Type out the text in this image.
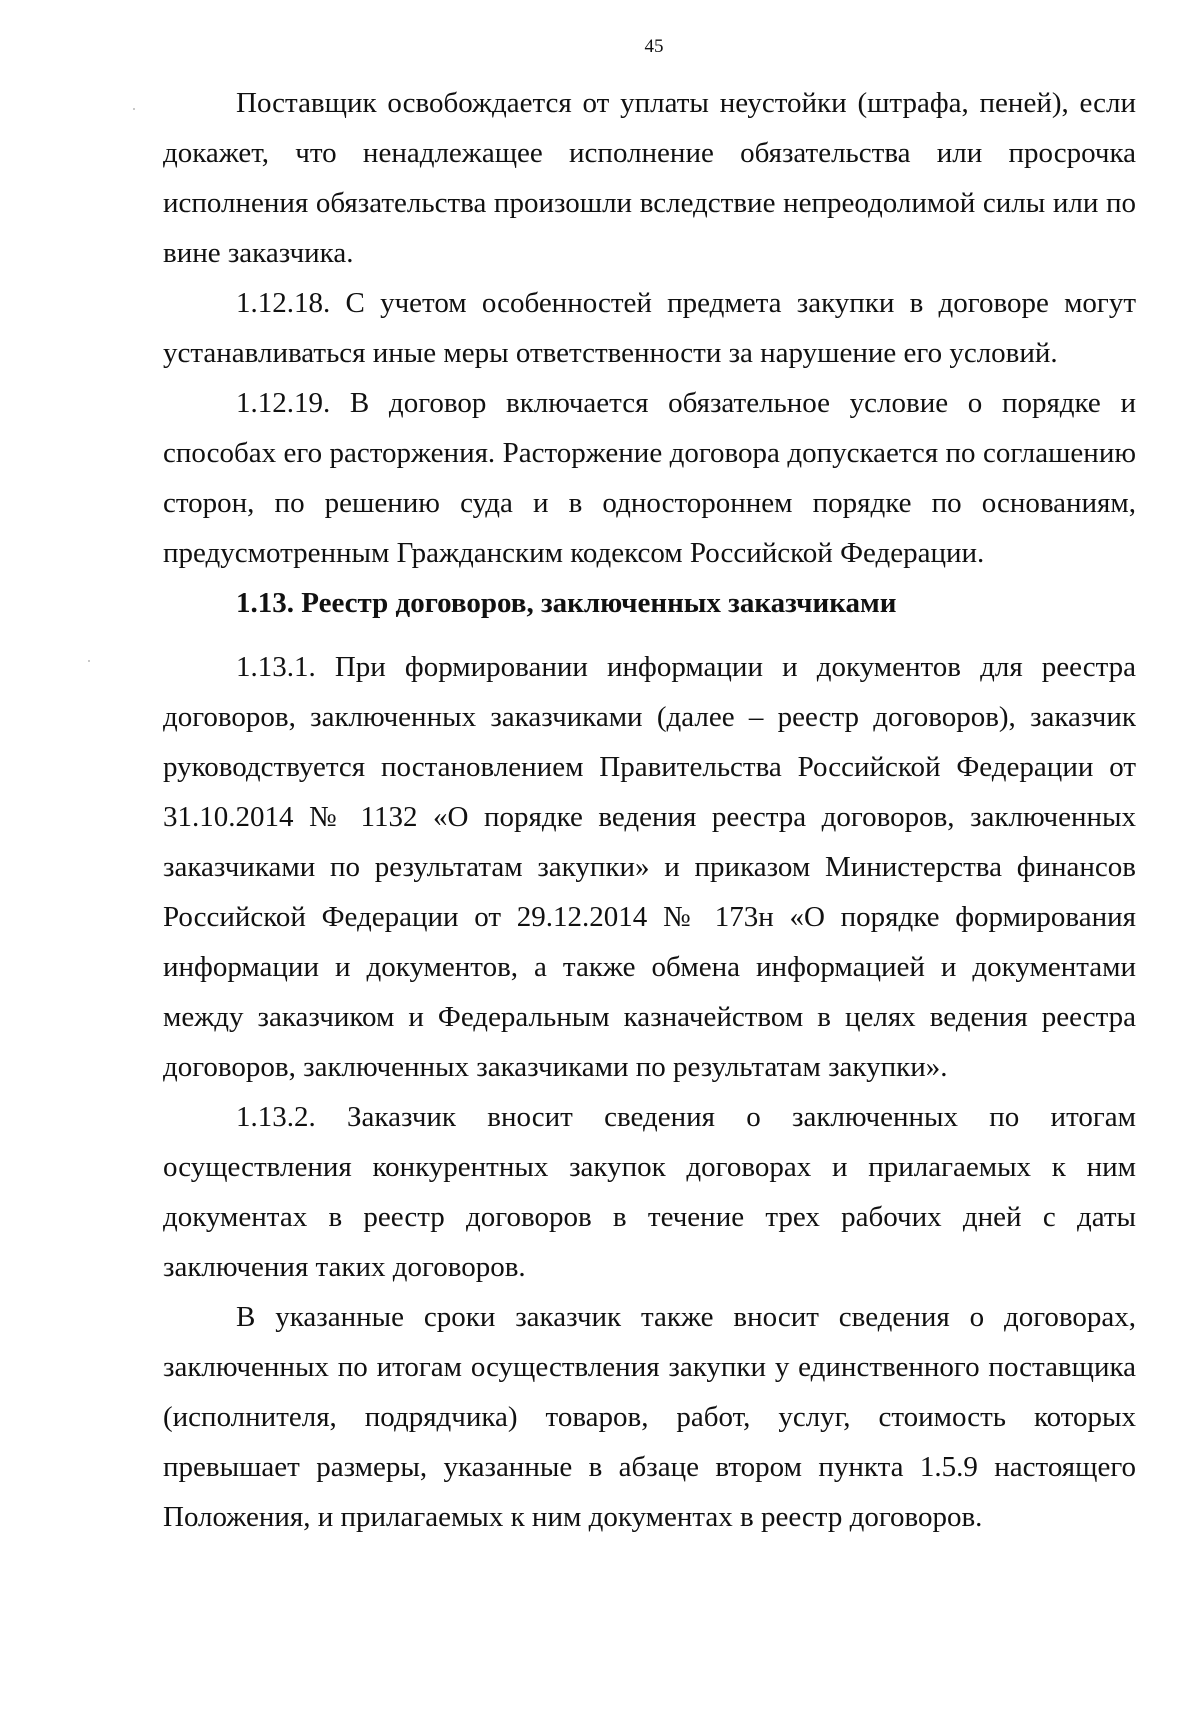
45

Поставщик освобождается от уплаты неустойки (штрафа, пеней), если докажет, что ненадлежащее исполнение обязательства или просрочка исполнения обязательства произошли вследствие непреодолимой силы или по вине заказчика.

1.12.18. С учетом особенностей предмета закупки в договоре могут устанавливаться иные меры ответственности за нарушение его условий.

1.12.19. В договор включается обязательное условие о порядке и способах его расторжения. Расторжение договора допускается по соглашению сторон, по решению суда и в одностороннем порядке по основаниям, предусмотренным Гражданским кодексом Российской Федерации.

1.13. Реестр договоров, заключенных заказчиками

1.13.1. При формировании информации и документов для реестра договоров, заключенных заказчиками (далее – реестр договоров), заказчик руководствуется постановлением Правительства Российской Федерации от 31.10.2014 № 1132 «О порядке ведения реестра договоров, заключенных заказчиками по результатам закупки» и приказом Министерства финансов Российской Федерации от 29.12.2014 № 173н «О порядке формирования информации и документов, а также обмена информацией и документами между заказчиком и Федеральным казначейством в целях ведения реестра договоров, заключенных заказчиками по результатам закупки».

1.13.2. Заказчик вносит сведения о заключенных по итогам осуществления конкурентных закупок договорах и прилагаемых к ним документах в реестр договоров в течение трех рабочих дней с даты заключения таких договоров.

В указанные сроки заказчик также вносит сведения о договорах, заключенных по итогам осуществления закупки у единственного поставщика (исполнителя, подрядчика) товаров, работ, услуг, стоимость которых превышает размеры, указанные в абзаце втором пункта 1.5.9 настоящего Положения, и прилагаемых к ним документах в реестр договоров.
